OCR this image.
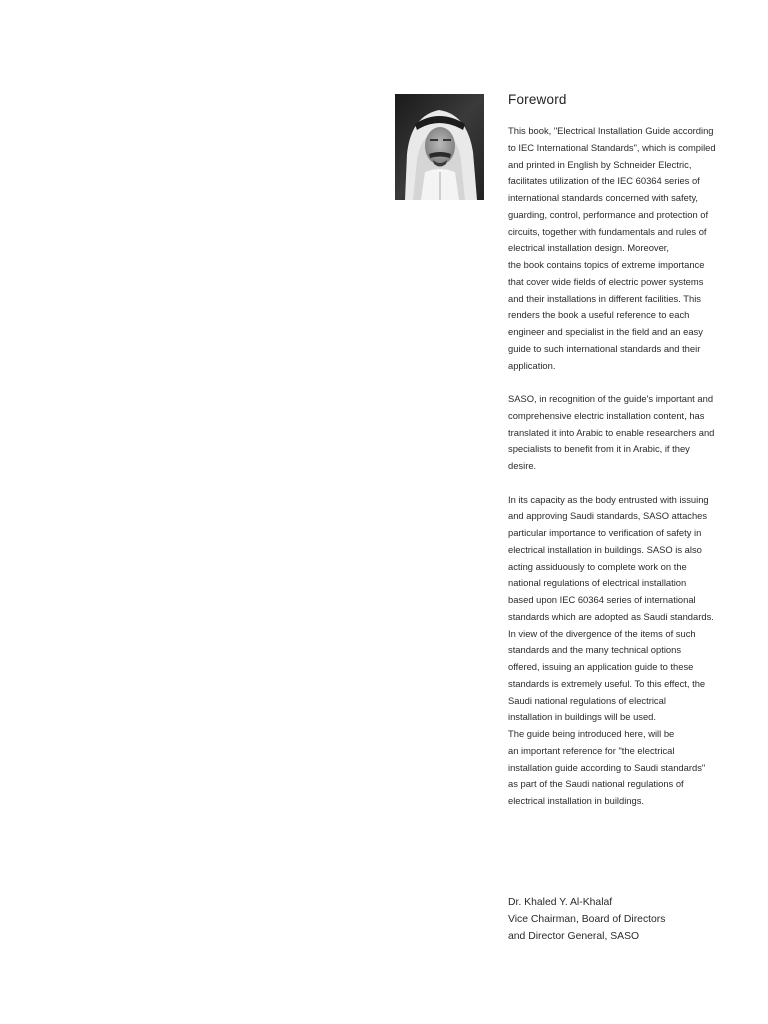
Foreword

This book, "Electrical Installation Guide according
to IEC International Standards", which is compiled
and printed in English by Schneider Electric,
facilitates utilization of the IEC 60364 series of
international standards concerned with safety,
guarding, control, performance and protection of
circuits, together with fundamentals and rules of
electrical installation design. Moreover,
the book contains topics of extreme importance
that cover wide fields of electric power systems
and their installations in different facilities. This
renders the book a useful reference to each
engineer and specialist in the field and an easy
guide to such international standards and their
application.

SASO, in recognition of the guide's important and
comprehensive electric installation content, has
translated it into Arabic to enable researchers and
specialists to benefit from it in Arabic, if they
desire.

In its capacity as the body entrusted with issuing
and approving Saudi standards, SASO attaches
particular importance to verification of safety in
electrical installation in buildings. SASO is also
acting assiduously to complete work on the
national regulations of electrical installation
based upon IEC 60364 series of international
standards which are adopted as Saudi standards.
In view of the divergence of the items of such
standards and the many technical options
offered, issuing an application guide to these
standards is extremely useful. To this effect, the
Saudi national regulations of electrical
installation in buildings will be used.
The guide being introduced here, will be
an important reference for "the electrical
installation guide according to Saudi standards"
as part of the Saudi national regulations of
electrical installation in buildings.

Dr. Khaled Y. Al-Khalaf
Vice Chairman, Board of Directors
and Director General, SASO
